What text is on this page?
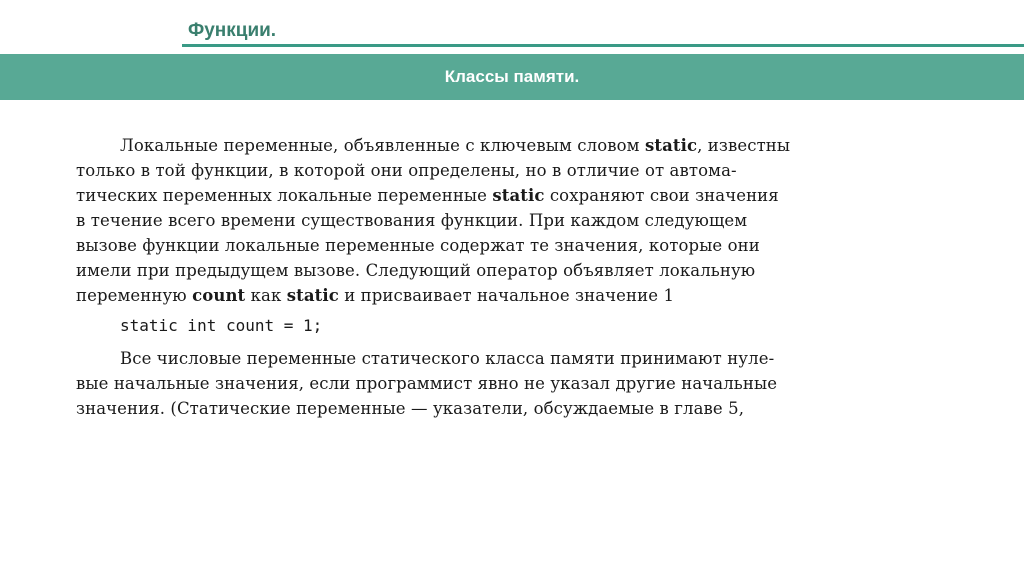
Функции.
Классы памяти.

Локальные переменные, объявленные с ключевым словом static, известны

только в той функции, в которой они определены, но в отличие от автома-

тических переменных локальные переменные static сохраняют свои значения

в течение всего времени существования функции. При каждом следующем

вызове функции локальные переменные содержат те значения, которые они

имели при предыдущем вызове. Следующий оператор объявляет локальную

переменную count как static и присваивает начальное значение 1

static int count = 1;

Все числовые переменные статического класса памяти принимают нуле-

вые начальные значения, если программист явно не указал другие начальные

значения. (Статические переменные — указатели, обсуждаемые в главе 5,
